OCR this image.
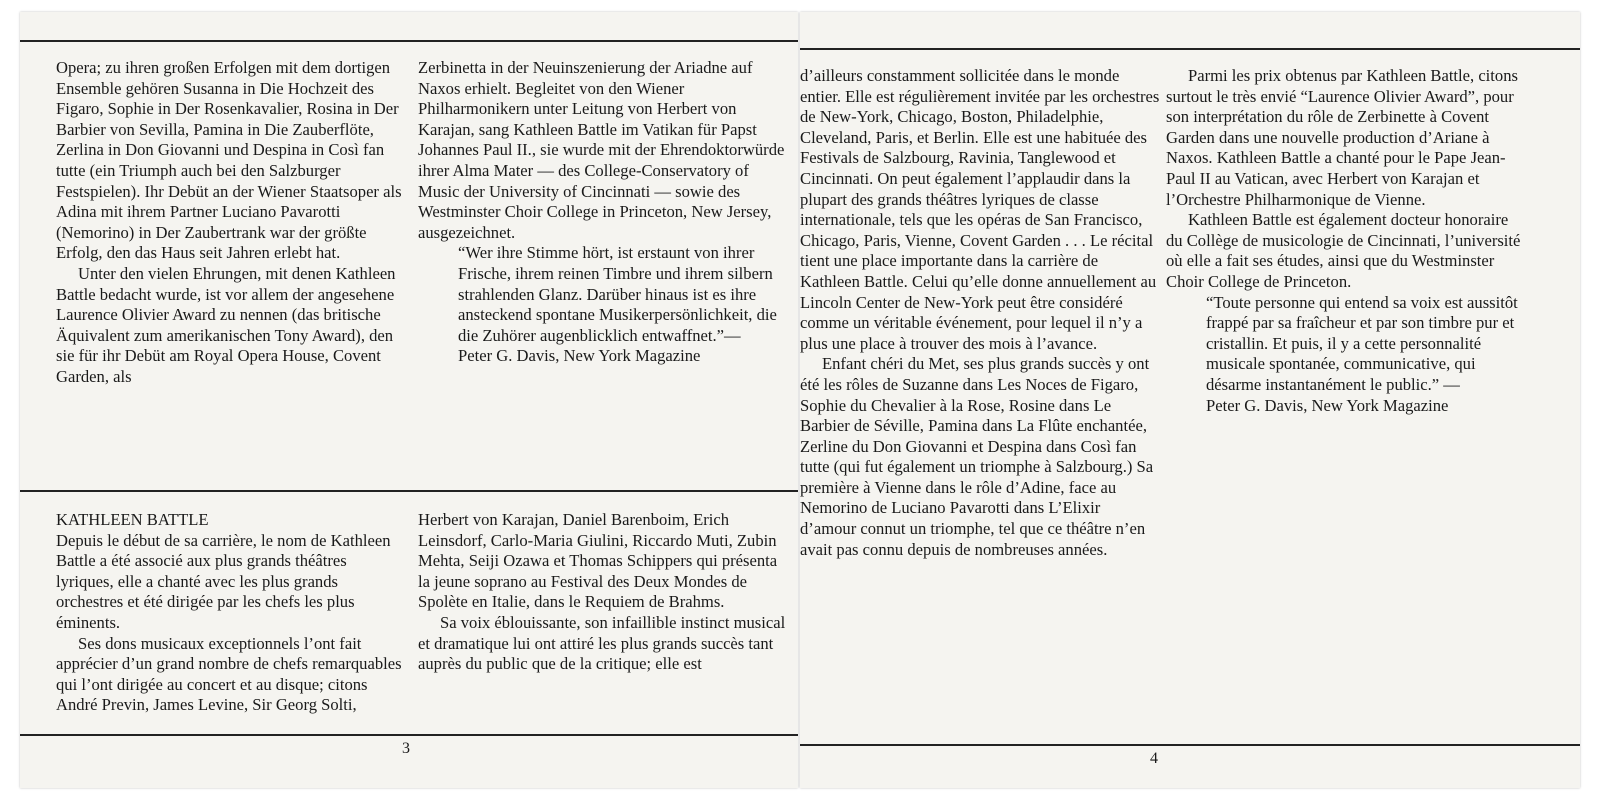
Opera; zu ihren großen Erfolgen mit dem dortigen Ensemble gehören Susanna in Die Hochzeit des Figaro, Sophie in Der Rosenkavalier, Rosina in Der Barbier von Sevilla, Pamina in Die Zauberflöte, Zerlina in Don Giovanni und Despina in Così fan tutte (ein Triumph auch bei den Salzburger Festspielen). Ihr Debüt an der Wiener Staatsoper als Adina mit ihrem Partner Luciano Pavarotti (Nemorino) in Der Zaubertrank war der größte Erfolg, den das Haus seit Jahren erlebt hat.

Unter den vielen Ehrungen, mit denen Kathleen Battle bedacht wurde, ist vor allem der angesehene Laurence Olivier Award zu nennen (das britische Äquivalent zum amerikanischen Tony Award), den sie für ihr Debüt am Royal Opera House, Covent Garden, als

Zerbinetta in der Neuinszenierung der Ariadne auf Naxos erhielt. Begleitet von den Wiener Philharmonikern unter Leitung von Herbert von Karajan, sang Kathleen Battle im Vatikan für Papst Johannes Paul II., sie wurde mit der Ehrendoktorwürde ihrer Alma Mater — des College-Conservatory of Music der University of Cincinnati — sowie des Westminster Choir College in Princeton, New Jersey, ausgezeichnet.

“Wer ihre Stimme hört, ist erstaunt von ihrer Frische, ihrem reinen Timbre und ihrem silbern strahlenden Glanz. Darüber hinaus ist es ihre ansteckend spontane Musikerpersönlichkeit, die die Zuhörer augenblicklich entwaffnet.”—

Peter G. Davis, New York Magazine

KATHLEEN BATTLE

Depuis le début de sa carrière, le nom de Kathleen Battle a été associé aux plus grands théâtres lyriques, elle a chanté avec les plus grands orchestres et été dirigée par les chefs les plus éminents.

Ses dons musicaux exceptionnels l’ont fait apprécier d’un grand nombre de chefs remarquables qui l’ont dirigée au concert et au disque; citons André Previn, James Levine, Sir Georg Solti,

Herbert von Karajan, Daniel Barenboim, Erich Leinsdorf, Carlo-Maria Giulini, Riccardo Muti, Zubin Mehta, Seiji Ozawa et Thomas Schippers qui présenta la jeune soprano au Festival des Deux Mondes de Spolète en Italie, dans le Requiem de Brahms.

Sa voix éblouissante, son infaillible instinct musical et dramatique lui ont attiré les plus grands succès tant auprès du public que de la critique; elle est

3

d’ailleurs constamment sollicitée dans le monde entier. Elle est régulièrement invitée par les orchestres de New-York, Chicago, Boston, Philadelphie, Cleveland, Paris, et Berlin. Elle est une habituée des Festivals de Salzbourg, Ravinia, Tanglewood et Cincinnati. On peut également l’applaudir dans la plupart des grands théâtres lyriques de classe internationale, tels que les opéras de San Francisco, Chicago, Paris, Vienne, Covent Garden . . . Le récital tient une place importante dans la carrière de Kathleen Battle. Celui qu’elle donne annuellement au Lincoln Center de New-York peut être considéré comme un véritable événement, pour lequel il n’y a plus une place à trouver des mois à l’avance.

Enfant chéri du Met, ses plus grands succès y ont été les rôles de Suzanne dans Les Noces de Figaro, Sophie du Chevalier à la Rose, Rosine dans Le Barbier de Séville, Pamina dans La Flûte enchantée, Zerline du Don Giovanni et Despina dans Così fan tutte (qui fut également un triomphe à Salzbourg.) Sa première à Vienne dans le rôle d’Adine, face au Nemorino de Luciano Pavarotti dans L’Elixir d’amour connut un triomphe, tel que ce théâtre n’en avait pas connu depuis de nombreuses années.

Parmi les prix obtenus par Kathleen Battle, citons surtout le très envié “Laurence Olivier Award”, pour son interprétation du rôle de Zerbinette à Covent Garden dans une nouvelle production d’Ariane à Naxos. Kathleen Battle a chanté pour le Pape Jean-Paul II au Vatican, avec Herbert von Karajan et l’Orchestre Philharmonique de Vienne.

Kathleen Battle est également docteur honoraire du Collège de musicologie de Cincinnati, l’université où elle a fait ses études, ainsi que du Westminster Choir College de Princeton.

“Toute personne qui entend sa voix est aussitôt frappé par sa fraîcheur et par son timbre pur et cristallin. Et puis, il y a cette personnalité musicale spontanée, communicative, qui désarme instantanément le public.” —

Peter G. Davis, New York Magazine

4
